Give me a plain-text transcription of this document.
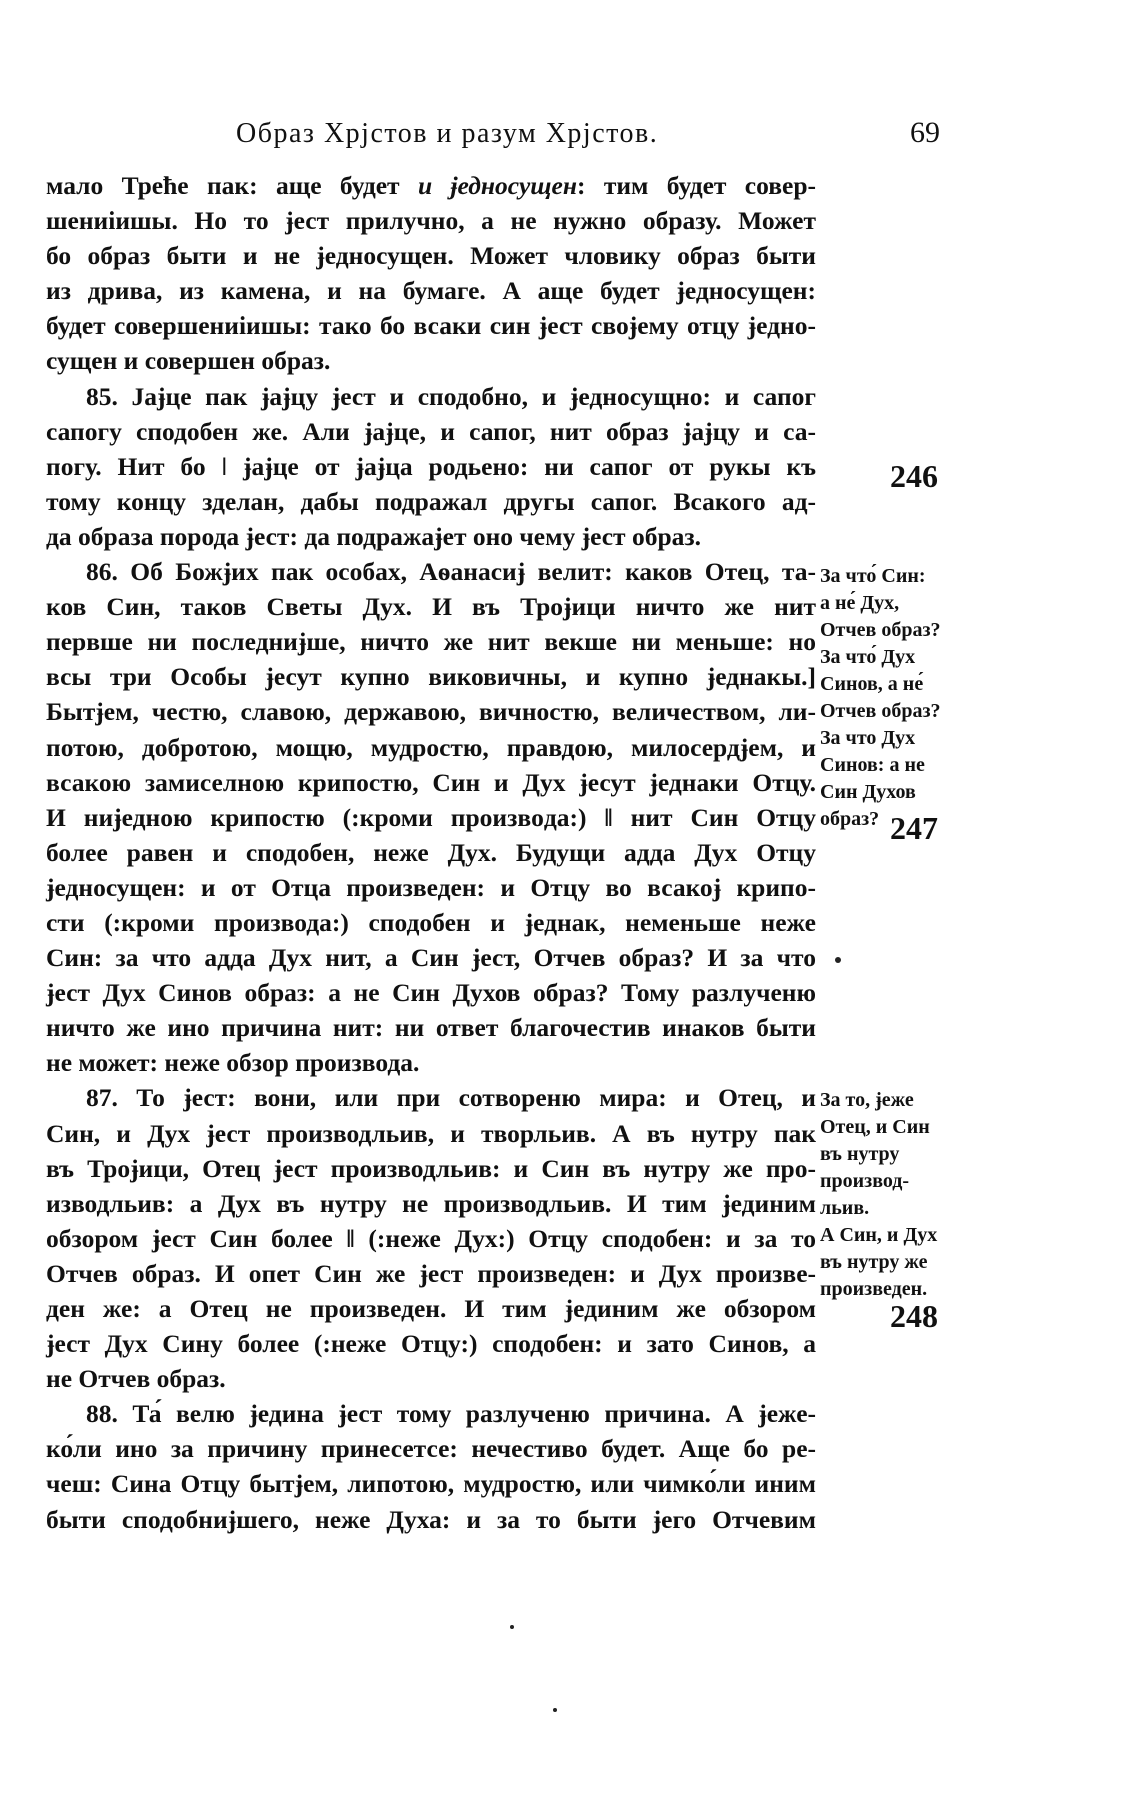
Образ Хрјстов и разум Хрјстов.	69
мало Треће пак: аще будет и ɉедносущен: тим будет совер-
шениіишы. Но то ɉест прилучно, а не нужно образу. Может
бо образ быти и не ɉедносущен. Может чловику образ быти
из дрива, из камена, и на бумаге. А аще будет ɉедносущен:
будет совершениіишы: тако бо всаки син ɉест своɉему отцу ɉедно-
сущен и совершен образ.
85. Јаɉце пак ɉаɉцу ɉест и сподобно, и ɉедносущно: и сапог
сапогу сподобен же. Али ɉаɉце, и сапог, нит образ ɉаɉцу и са-
погу. Нит бо ǀ ɉаɉце от ɉаɉца родьено: ни сапог от рукы къ
тому концу зделан, дабы подражал другы сапог. Всакого ад-
да образа порода ɉест: да подражаɉет оно чему ɉест образ.
86. Об Божɉих пак особах, Аѳанасиɉ велит: каков Отец, та-
ков Син, таков Светы Дух. И въ Троɉици ничто же нит
первше ни последниɉше, ничто же нит векше ни меньше: но
всы три Особы ɉесут купно виковичны, и купно ɉеднакы.]
Бытɉем, честю, славою, державою, вичностю, величеством, ли-
потою, добротою, мощю, мудростю, правдою, милосердɉем, и
всакою замиселною крипостю, Син и Дух ɉесут ɉеднаки Отцу.
И ниɉедною крипостю (:кроми произвoда:) ǁ нит Син Отцу
более равен и сподобен, неже Дух. Будущи адда Дух Отцу
ɉедносущен: и от Отца произведен: и Отцу во всакоɉ крипо-
сти (:кроми производа:) сподобен и ɉеднак, неменьше неже
Син: за что адда Дух нит, а Син ɉест, Отчев образ? И за что
ɉест Дух Синов образ: а не Син Духов образ? Тому разлученю
ничто же ино причина нит: ни ответ благочестив инаков быти
не может: неже обзор производа.
87. То ɉест: вони, или при сотвореню мира: и Отец, и
Син, и Дух ɉест производльив, и творльив. А въ нутру пак
въ Троɉици, Отец ɉест производльив: и Син въ нутру же про-
изводльив: а Дух въ нутру не производльив. И тим ɉединим
обзором ɉест Син более ǁ (:неже Дух:) Отцу сподобен: и за то
Отчев образ. И опет Син же ɉест произведен: и Дух произве-
ден же: а Отец не произведен. И тим ɉединим же обзором
ɉест Дух Сину более (:неже Отцу:) сподобен: и зато Синов, а
не Отчев образ.
88. Та́ велю ɉедина ɉест тому разлученю причина. А ɉеже-
ко́ли ино за причину принесетсе: нечестиво будет. Аще бо ре-
чеш: Сина Отцу бытɉем, липотою, мудростю, или чимко́ли иним
быти сподобниɉшего, неже Духа: и за то быти ɉего Отчевим
246
За что́ Син:
а не́ Дух,
Отчев образ?
За что́ Дух
Синов, а не́
Отчев образ?
За что Дух
Синов: а не
Син Духов
образ? 247
За то, ɉеже
Отец, и Син
въ нутру
производ-
льив.
А Син, и Дух
въ нутру же
произведен.
248
